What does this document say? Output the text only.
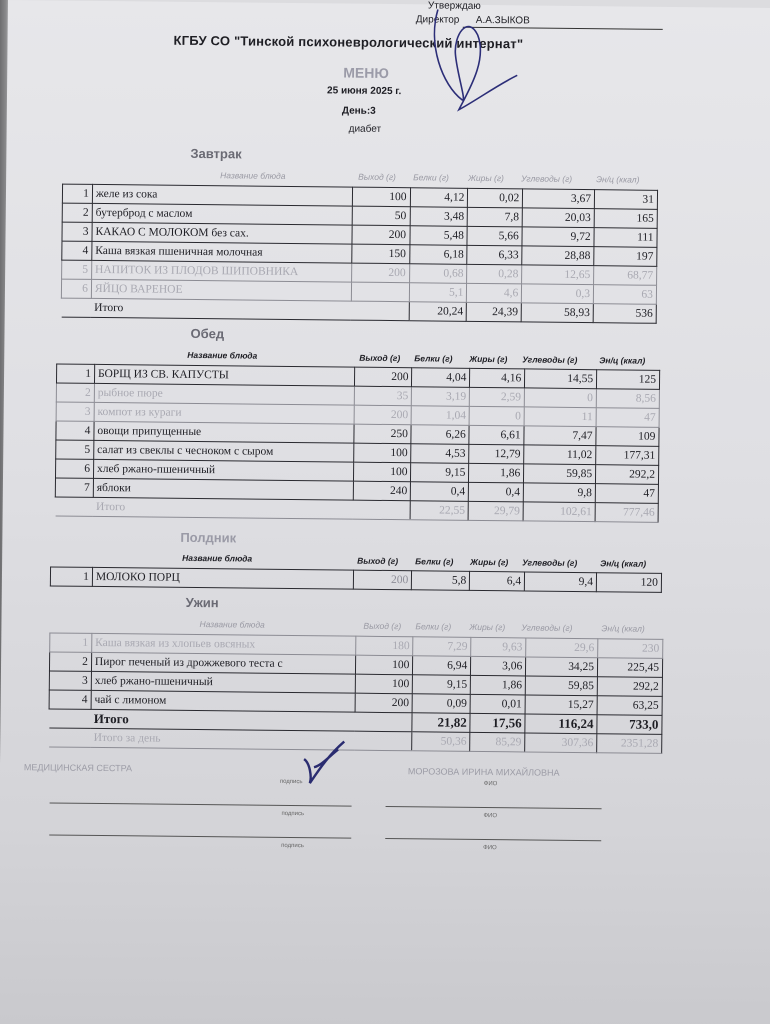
Утверждаю
Директор А.А.ЗЫКОВ
КГБУ СО "Тинской психоневрологический интернат"
МЕНЮ
25 июня 2025 г.
День:3
диабет
Завтрак
Название блюда	Выход (г) Белки (г) Жиры (г) Углеводы (г)	Эн/ц (ккал)
1	желе из сока	100	4,12	0,02	3,67	31
2	бутерброд с маслом	50	3,48	7,8	20,03	165
3	КАКАО С МОЛОКОМ без сах.	200	5,48	5,66	9,72	111
4	Каша вязкая пшеничная молочная	150	6,18	6,33	28,88	197
5	НАПИТОК ИЗ ПЛОДОВ ШИПОВНИКА	200	0,68	0,28	12,65	68,77
6	ЯЙЦО ВАРЕНОЕ		5,1	4,6	0,3	63
	Итого		20,24	24,39	58,93	536
Обед
Название блюда	Выход (г) Белки (г) Жиры (г) Углеводы (г)	Эн/ц (ккал)
1	БОРЩ ИЗ СВ. КАПУСТЫ	200	4,04	4,16	14,55	125
2	рыбное пюре	35	3,19	2,59	0	8,56
3	компот из кураги	200	1,04	0	11	47
4	овощи припущенные	250	6,26	6,61	7,47	109
5	салат из свеклы с чесноком с сыром	100	4,53	12,79	11,02	177,31
6	хлеб ржано-пшеничный	100	9,15	1,86	59,85	292,2
7	яблоки	240	0,4	0,4	9,8	47
	Итого		22,55	29,79	102,61	777,46
Полдник
Название блюда	Выход (г) Белки (г) Жиры (г) Углеводы (г)	Эн/ц (ккал)
1	МОЛОКО ПОРЦ	200	5,8	6,4	9,4	120
Ужин
Название блюда	Выход (г) Белки (г) Жиры (г) Углеводы (г)	Эн/ц (ккал)
1	Каша вязкая из хлопьев овсяных	180	7,29	9,63	29,6	230
2	Пирог печеный из дрожжевого теста с	100	6,94	3,06	34,25	225,45
3	хлеб ржано-пшеничный	100	9,15	1,86	59,85	292,2
4	чай с лимоном	200	0,09	0,01	15,27	63,25
	Итого		21,82	17,56	116,24	733,0
	Итого за день		50,36	85,29	307,36	2351,28
МЕДИЦИНСКАЯ СЕСТРА	МОРОЗОВА ИРИНА МИХАЙЛОВНА
подпись	ФИО
подпись	ФИО
подпись	ФИО
